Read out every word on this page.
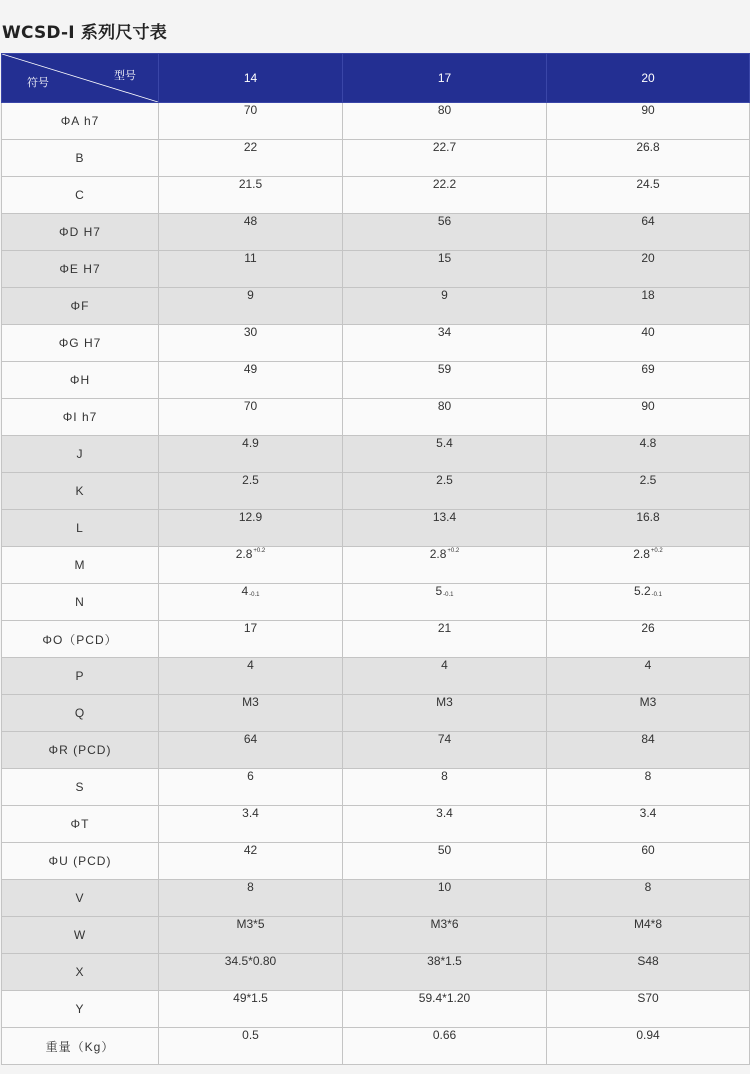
WCSD-I 系列尺寸表
型号
符号	14	17	20
ΦA h7	70	80	90
B	22	22.7	26.8
C	21.5	22.2	24.5
ΦD H7	48	56	64
ΦE H7	11	15	20
ΦF	9	9	18
ΦG H7	30	34	40
ΦH	49	59	69
ΦI h7	70	80	90
J	4.9	5.4	4.8
K	2.5	2.5	2.5
L	12.9	13.4	16.8
M	$2.8^{+0.2}$	$2.8^{+0.2}$	$2.8^{+0.2}$
N	$4_{-0.1}$	$5_{-0.1}$	$5.2_{-0.1}$
ΦO（PCD）	17	21	26
P	4	4	4
Q	M3	M3	M3
ΦR (PCD)	64	74	84
S	6	8	8
ΦT	3.4	3.4	3.4
ΦU (PCD)	42	50	60
V	8	10	8
W	M3*5	M3*6	M4*8
X	34.5*0.80	38*1.5	S48
Y	49*1.5	59.4*1.20	S70
重量（Kg）	0.5	0.66	0.94
